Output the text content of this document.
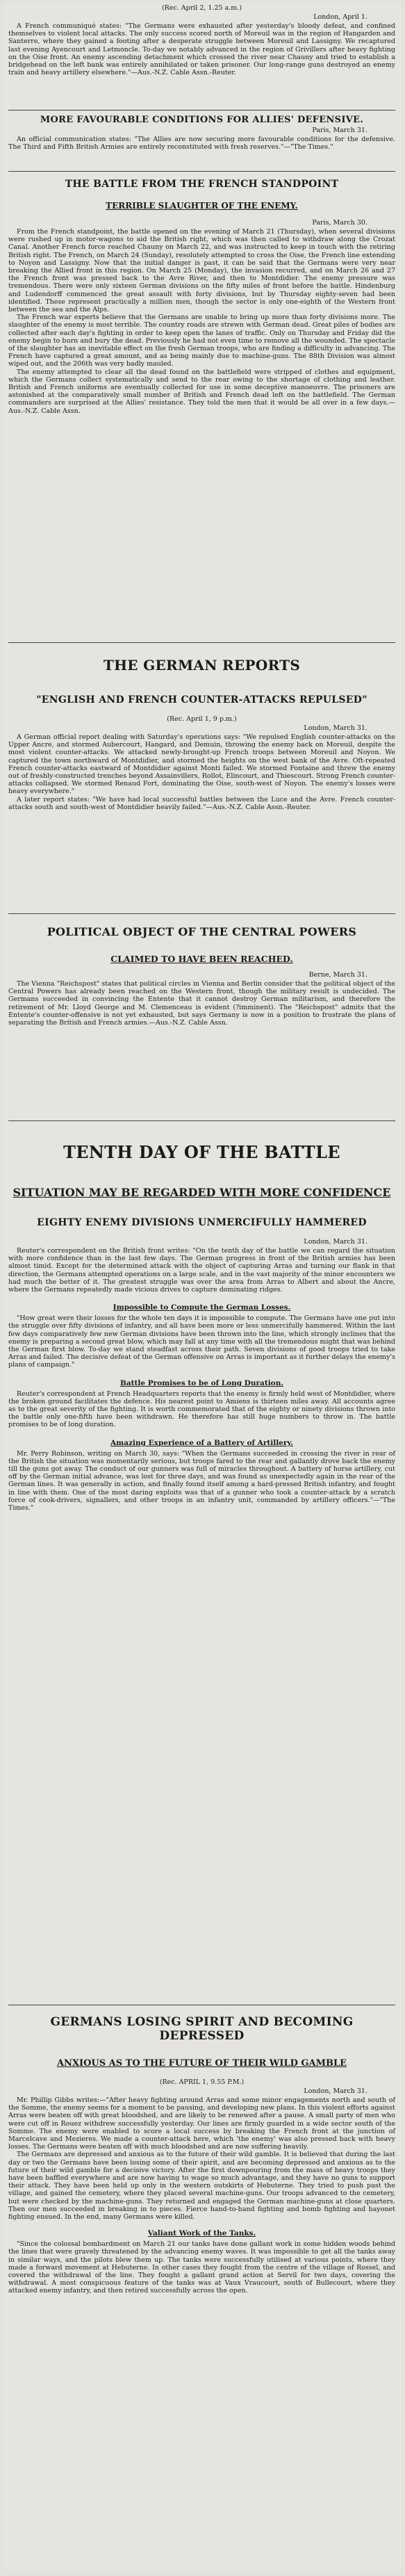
(Rec. April 2, 1.25 a.m.)
London, April 1.

A French communiqué states: "The Germans were exhausted after yesterday's bloody defeat, and confined themselves to violent local attacks. The only success scored north of Moreuil was in the region of Hangarden and Santerre, where they gained a footing after a desperate struggle between Moreuil and Lassigny. We recaptured last evening Ayencourt and Letmoncle. To-day we notably advanced in the region of Grivillers after heavy fighting on the Oise front. An enemy ascending detachment which crossed the river near Chauny and tried to establish a bridgehead on the left bank was entirely annihilated or taken prisoner. Our long-range guns destroyed an enemy train and heavy artillery elsewhere."—Aus.-N.Z. Cable Assn.-Reuter.

MORE FAVOURABLE CONDITIONS FOR ALLIES' DEFENSIVE.
Paris, March 31.

An official communication states: "The Allies are now securing more favourable conditions for the defensive. The Third and Fifth British Armies are entirely reconstituted with fresh reserves."—"The Times."

THE BATTLE FROM THE FRENCH STANDPOINT
TERRIBLE SLAUGHTER OF THE ENEMY.
Paris, March 30.

From the French standpoint, the battle opened on the evening of March 21 (Thursday), when several divisions were rushed up in motor-wagons to aid the British right, which was then called to withdraw along the Crozat Canal. Another French force reached Chauny on March 22, and was instructed to keep in touch with the retiring British right. The French, on March 24 (Sunday), resolutely attempted to cross the Oise, the French line extending to Noyon and Lassigny. Now that the initial danger is past, it can be said that the Germans were very near breaking the Allied front in this region. On March 25 (Monday), the invasion recurred, and on March 26 and 27 the French front was pressed back to the Avre River, and then to Montdidier. The enemy pressure was tremendous. There were only sixteen German divisions on the fifty miles of front before the battle. Hindenburg and Ludendorff commenced the great assault with forty divisions, but by Thursday eighty-seven had been identified. These represent practically a million men, though the sector is only one-eighth of the Western front between the sea and the Alps.

The French war experts believe that the Germans are unable to bring up more than forty divisions more. The slaughter of the enemy is most terrible. The country roads are strewn with German dead. Great piles of bodies are collected after each day's fighting in order to keep open the lanes of traffic. Only on Thursday and Friday did the enemy begin to burn and bury the dead. Previously he had not even time to remove all the wounded. The spectacle of the slaughter has an inevitable effect on the fresh German troops, who are finding a difficulty in advancing. The French have captured a great amount, and as being mainly due to machine-guns. The 88th Division was almost wiped out, and the 206th was very badly mauled.

The enemy attempted to clear all the dead found on the battlefield were stripped of clothes and equipment, which the Germans collect systematically and send to the rear owing to the shortage of clothing and leather. British and French uniforms are eventually collected for use in some deceptive manoeuvre. The prisoners are astonished at the comparatively small number of British and French dead left on the battlefield. The German commanders are surprised at the Allies' resistance. They told the men that it would be all over in a few days.—Aus.-N.Z. Cable Assn.

THE GERMAN REPORTS
"ENGLISH AND FRENCH COUNTER-ATTACKS REPULSED"
(Rec. April 1, 9 p.m.)
London, March 31.

A German official report dealing with Saturday's operations says: "We repulsed English counter-attacks on the Upper Ancre, and stormed Aubercourt, Hangard, and Demuin, throwing the enemy back on Moreuil, despite the most violent counter-attacks. We attacked newly-brought-up French troops between Moreuil and Noyon. We captured the town northward of Montdidier, and stormed the heights on the west bank of the Avre. Oft-repeated French counter-attacks eastward of Montdidier against Monti failed. We stormed Fontaine and threw the enemy out of freshly-constructed trenches beyond Assainvillers, Rollot, Elincourt, and Thiescourt. Strong French counter-attacks collapsed. We stormed Renaud Fort, dominating the Oise, south-west of Noyon. The enemy's losses were heavy everywhere."

A later report states: "We have had local successful battles between the Luce and the Avre. French counter-attacks south and south-west of Montdidier heavily failed."—Aus.-N.Z. Cable Assn.-Reuter.

POLITICAL OBJECT OF THE CENTRAL POWERS
CLAIMED TO HAVE BEEN REACHED.
Berne, March 31.

The Vienna "Reichspost" states that political circles in Vienna and Berlin consider that the political object of the Central Powers has already been reached on the Western front, though the military result is undecided. The Germans succeeded in convincing the Entente that it cannot destroy German militarism, and therefore the retirement of Mr. Lloyd George and M. Clemenceau is evident (?imminent). The "Reichspost" admits that the Entente's counter-offensive is not yet exhausted, but says Germany is now in a position to frustrate the plans of separating the British and French armies.—Aus.-N.Z. Cable Assn.

TENTH DAY OF THE BATTLE
SITUATION MAY BE REGARDED WITH MORE CONFIDENCE
EIGHTY ENEMY DIVISIONS UNMERCIFULLY HAMMERED
London, March 31.

Reuter's correspondent on the British front writes: "On the tenth day of the battle we can regard the situation with more confidence than in the last few days. The German progress in front of the British armies has been almost timid. Except for the determined attack with the object of capturing Arras and turning our flank in that direction, the Germans attempted operations on a large scale, and in the vast majority of the minor encounters we had much the better of it. The greatest struggle was over the area from Arras to Albert and about the Ancre, where the Germans repeatedly made vicious drives to capture dominating ridges.

Impossible to Compute the German Losses.

"How great were their losses for the whole ten days it is impossible to compute. The Germans have one put into the struggle over fifty divisions of infantry, and all have been more or less unmercifully hammered. Within the last few days comparatively few new German divisions have been thrown into the line, which strongly inclines that the enemy is preparing a second great blow, which may fall at any time with all the tremendous might that was behind the German first blow. To-day we stand steadfast across their path. Seven divisions of good troops tried to take Arras and failed. The decisive defeat of the German offensive on Arras is important as it further delays the enemy's plans of campaign."

Battle Promises to be of Long Duration.

Reuter's correspondent at French Headquarters reports that the enemy is firmly held west of Montdidier, where the broken ground facilitates the defence. His nearest point to Amiens is thirteen miles away. All accounts agree as to the great severity of the fighting. It is worth commemorated that of the eighty or ninety divisions thrown into the battle only one-fifth have been withdrawn. He therefore has still huge numbers to throw in. The battle promises to be of long duration.

Amazing Experience of a Battery of Artillery.

Mr. Perry Robinson, writing on March 30, says: "When the Germans succeeded in crossing the river in rear of the British the situation was momentarily serious, but troops fared to the rear and gallantly drove back the enemy till the guns got away. The conduct of our gunners was full of miracles throughout. A battery of horse artillery, cut off by the German initial advance, was lost for three days, and was found as unexpectedly again in the rear of the German lines. It was generally in action, and finally found itself among a hard-pressed British infantry, and fought in line with them. One of the most daring exploits was that of a gunner who took a counter-attack by a scratch force of cook-drivers, signallers, and other troops in an infantry unit, commanded by artillery officers."—"The Times."

GERMANS LOSING SPIRIT AND BECOMING DEPRESSED
ANXIOUS AS TO THE FUTURE OF THEIR WILD GAMBLE
(Rec. APRIL 1, 9.55 P.M.)
London, March 31.

Mr. Phillip Gibbs writes:—"After heavy fighting around Arras and some minor engagements north and south of the Somme, the enemy seems for a moment to be pausing, and developing new plans. In this violent efforts against Arras were beaten off with great bloodshed, and are likely to be renewed after a pause. A small party of men who were cut off in Rouez withdrew successfully yesterday. Our lines are firmly guarded in a wide sector south of the Somme. The enemy were enabled to score a local success by breaking the French front at the junction of Marcelcave and Mezieres. We made a counter-attack here, which 'the enemy' was also pressed back with heavy losses. The Germans were beaten off with much bloodshed and are now suffering heavily.

The Germans are depressed and anxious as to the future of their wild gamble. It is believed that during the last day or two the Germans have been losing some of their spirit, and are becoming depressed and anxious as to the future of their wild gamble for a decisive victory. After the first downpouring from the mass of heavy troops they have been baffled everywhere and are now having to wage so much advantage, and they have no guns to support their attack. They have been held up only in the western outskirts of Hebuterne. They tried to push past the village, and gained the cemetery, where they placed several machine-guns. Our troops advanced to the cemetery, but were checked by the machine-guns. They returned and engaged the German machine-guns at close quarters. Then our men succeeded in breaking in to pieces. Fierce hand-to-hand fighting and bomb fighting and bayonet fighting ensued. In the end, many Germans were killed.

Valiant Work of the Tanks.

"Since the colossal bombardment on March 21 our tanks have done gallant work in some hidden woods behind the lines that were gravely threatened by the advancing enemy waves. It was impossible to get all the tanks away in similar ways, and the pilots blew them up. The tanks were successfully utilised at various points, where they made a forward movement at Hebuterne. In other cases they fought from the centre of the village of Rossel, and covered the withdrawal of the line. They fought a gallant grand action at Servil for two days, covering the withdrawal. A most conspicuous feature of the tanks was at Vaux Vraucourt, south of Bullecourt, where they attacked enemy infantry, and then retired successfully across the open.
